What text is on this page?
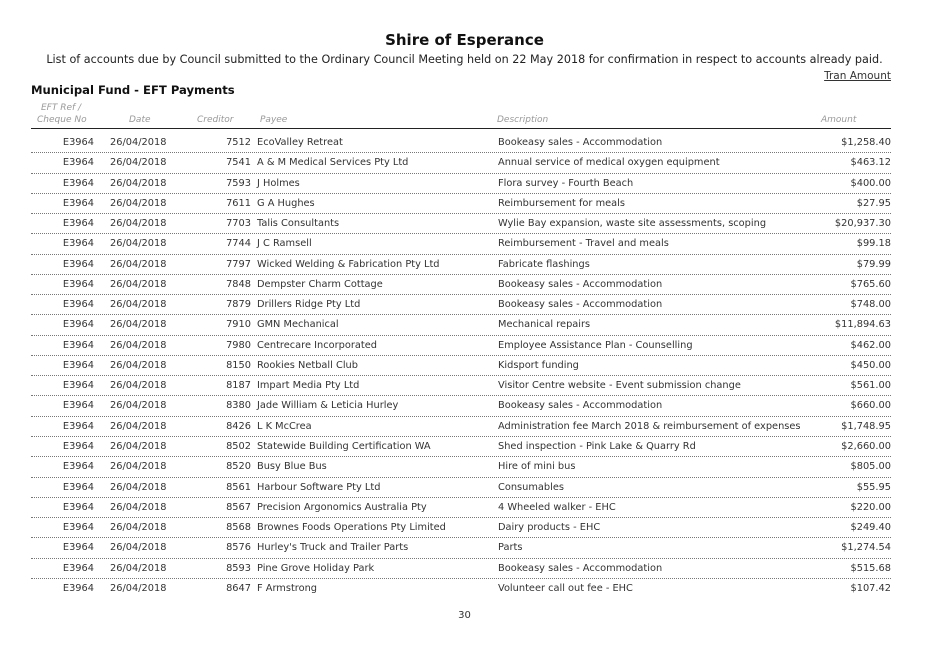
Shire of Esperance
List of accounts due by Council submitted to the Ordinary Council Meeting held on 22 May 2018 for confirmation in respect to accounts already paid.
Tran Amount
Municipal Fund - EFT Payments
EFT Ref /
Cheque No	Date	Creditor	Payee	Description	Amount
E3964 26/04/2018	7512 EcoValley Retreat	Bookeasy sales - Accommodation	$1,258.40
E3964 26/04/2018	7541 A & M Medical Services Pty Ltd	Annual service of medical oxygen equipment	$463.12
E3964 26/04/2018	7593 J Holmes	Flora survey - Fourth Beach	$400.00
E3964 26/04/2018	7611 G A Hughes	Reimbursement for meals	$27.95
E3964 26/04/2018	7703 Talis Consultants	Wylie Bay expansion, waste site assessments, scoping	$20,937.30
E3964 26/04/2018	7744 J C Ramsell	Reimbursement - Travel and meals	$99.18
E3964 26/04/2018	7797 Wicked Welding & Fabrication Pty Ltd	Fabricate flashings	$79.99
E3964 26/04/2018	7848 Dempster Charm Cottage	Bookeasy sales - Accommodation	$765.60
E3964 26/04/2018	7879 Drillers Ridge Pty Ltd	Bookeasy sales - Accommodation	$748.00
E3964 26/04/2018	7910 GMN Mechanical	Mechanical repairs	$11,894.63
E3964 26/04/2018	7980 Centrecare Incorporated	Employee Assistance Plan - Counselling	$462.00
E3964 26/04/2018	8150 Rookies Netball Club	Kidsport funding	$450.00
E3964 26/04/2018	8187 Impart Media Pty Ltd	Visitor Centre website - Event submission change	$561.00
E3964 26/04/2018	8380 Jade William & Leticia Hurley	Bookeasy sales - Accommodation	$660.00
E3964 26/04/2018	8426 L K McCrea	Administration fee March 2018 & reimbursement of expenses	$1,748.95
E3964 26/04/2018	8502 Statewide Building Certification WA	Shed inspection - Pink Lake & Quarry Rd	$2,660.00
E3964 26/04/2018	8520 Busy Blue Bus	Hire of mini bus	$805.00
E3964 26/04/2018	8561 Harbour Software Pty Ltd	Consumables	$55.95
E3964 26/04/2018	8567 Precision Argonomics Australia Pty	4 Wheeled walker - EHC	$220.00
E3964 26/04/2018	8568 Brownes Foods Operations Pty Limited	Dairy products - EHC	$249.40
E3964 26/04/2018	8576 Hurley's Truck and Trailer Parts	Parts	$1,274.54
E3964 26/04/2018	8593 Pine Grove Holiday Park	Bookeasy sales - Accommodation	$515.68
E3964 26/04/2018	8647 F Armstrong	Volunteer call out fee - EHC	$107.42
30
